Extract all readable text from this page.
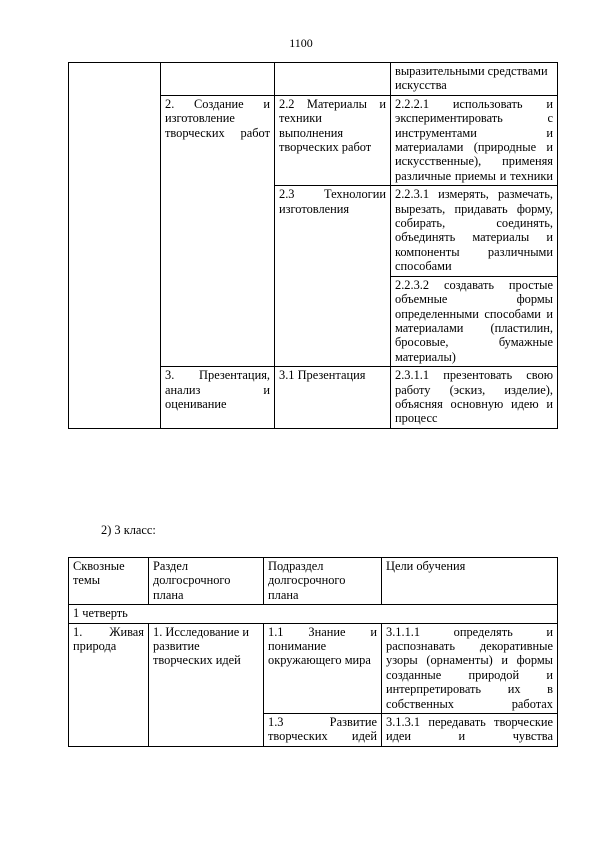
1100
			выразительными средствами искусства
	2. Создание и изготовление творческих работ	2.2 Материалы и техники выполнения творческих работ	2.2.2.1 использовать и экспериментировать с инструментами и материалами (природные и искусственные), применяя различные приемы и техники
		2.3 Технологии изготовления	2.2.3.1 измерять, размечать, вырезать, придавать форму, собирать, соединять, объединять материалы и компоненты различными способами
			2.2.3.2 создавать простые объемные формы определенными способами и материалами (пластилин, бросовые, бумажные материалы)
	3. Презентация, анализ и оценивание	3.1 Презентация	2.3.1.1 презентовать свою работу (эскиз, изделие), объясняя основную идею и процесс
2) 3 класс:
Сквозные темы	Раздел долгосрочного плана	Подраздел долгосрочного плана	Цели обучения
1 четверть			
1. Живая природа	1. Исследование и развитие творческих идей	1.1 Знание и понимание окружающего мира	3.1.1.1 определять и распознавать декоративные узоры (орнаменты) и формы созданные природой и интерпретировать их в собственных работах
		1.3 Развитие творческих идей	3.1.3.1 передавать творческие идеи и чувства
